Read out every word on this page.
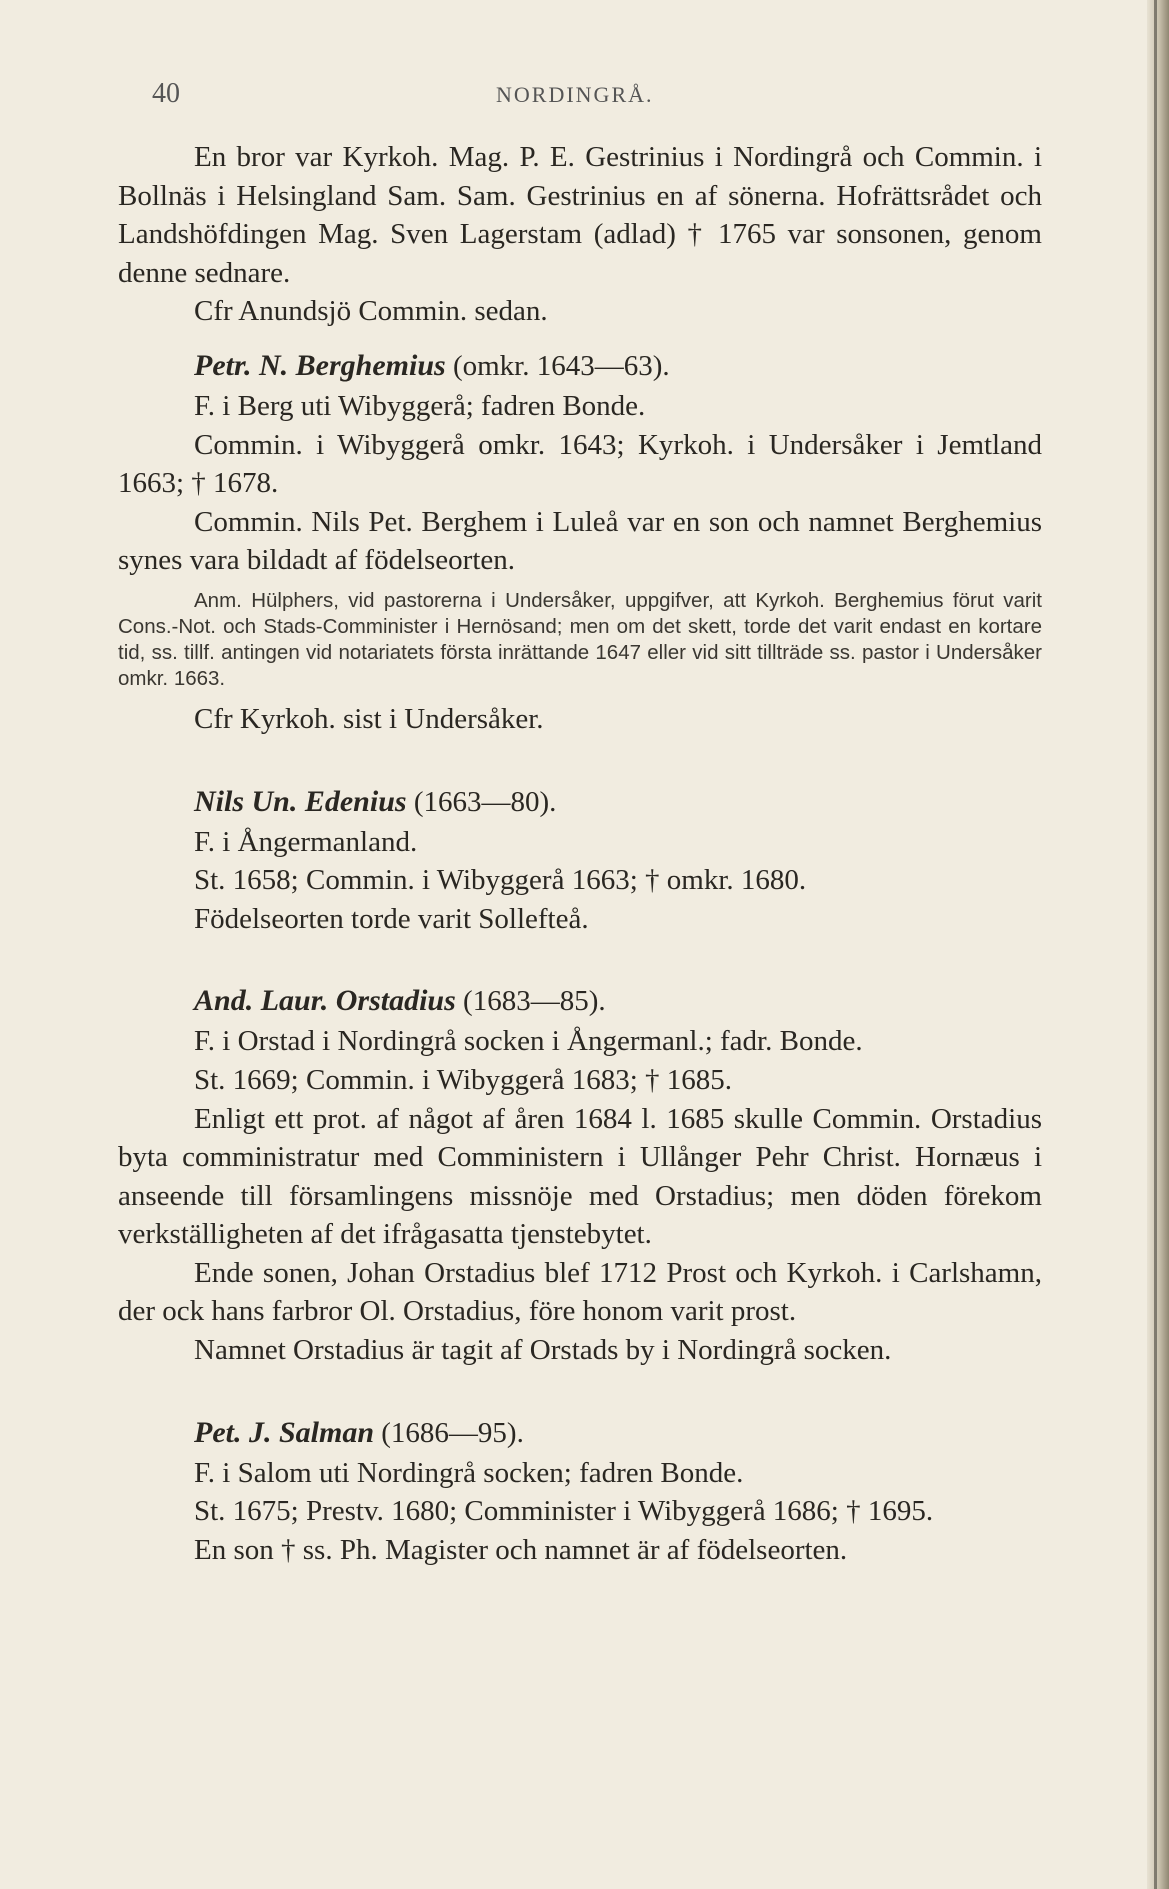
40	NORDINGRÅ.

En bror var Kyrkoh. Mag. P. E. Gestrinius i Nordingrå och Commin. i Bollnäs i Helsingland Sam. Sam. Gestrinius en af sönerna. Hofrättsrådet och Landshöfdingen Mag. Sven Lagerstam (adlad) † 1765 var sonsonen, genom denne sednare.

Cfr Anundsjö Commin. sedan.

Petr. N. Berghemius (omkr. 1643—63).

F. i Berg uti Wibyggerå; fadren Bonde.

Commin. i Wibyggerå omkr. 1643; Kyrkoh. i Undersåker i Jemtland 1663; † 1678.

Commin. Nils Pet. Berghem i Luleå var en son och namnet Berghemius synes vara bildadt af födelseorten.

Anm. Hülphers, vid pastorerna i Undersåker, uppgifver, att Kyrkoh. Berghemius förut varit Cons.-Not. och Stads-Comminister i Hernösand; men om det skett, torde det varit endast en kortare tid, ss. tillf. antingen vid notariatets första inrättande 1647 eller vid sitt tillträde ss. pastor i Undersåker omkr. 1663.

Cfr Kyrkoh. sist i Undersåker.

Nils Un. Edenius (1663—80).

F. i Ångermanland.

St. 1658; Commin. i Wibyggerå 1663; † omkr. 1680.

Födelseorten torde varit Sollefteå.

And. Laur. Orstadius (1683—85).

F. i Orstad i Nordingrå socken i Ångermanl.; fadr. Bonde.

St. 1669; Commin. i Wibyggerå 1683; † 1685.

Enligt ett prot. af något af åren 1684 l. 1685 skulle Commin. Orstadius byta comministratur med Comministern i Ullånger Pehr Christ. Hornæus i anseende till församlingens missnöje med Orstadius; men döden förekom verkställigheten af det ifrågasatta tjenstebytet.

Ende sonen, Johan Orstadius blef 1712 Prost och Kyrkoh. i Carlshamn, der ock hans farbror Ol. Orstadius, före honom varit prost.

Namnet Orstadius är tagit af Orstads by i Nordingrå socken.

Pet. J. Salman (1686—95).

F. i Salom uti Nordingrå socken; fadren Bonde.

St. 1675; Prestv. 1680; Comminister i Wibyggerå 1686; † 1695.

En son † ss. Ph. Magister och namnet är af födelseorten.
